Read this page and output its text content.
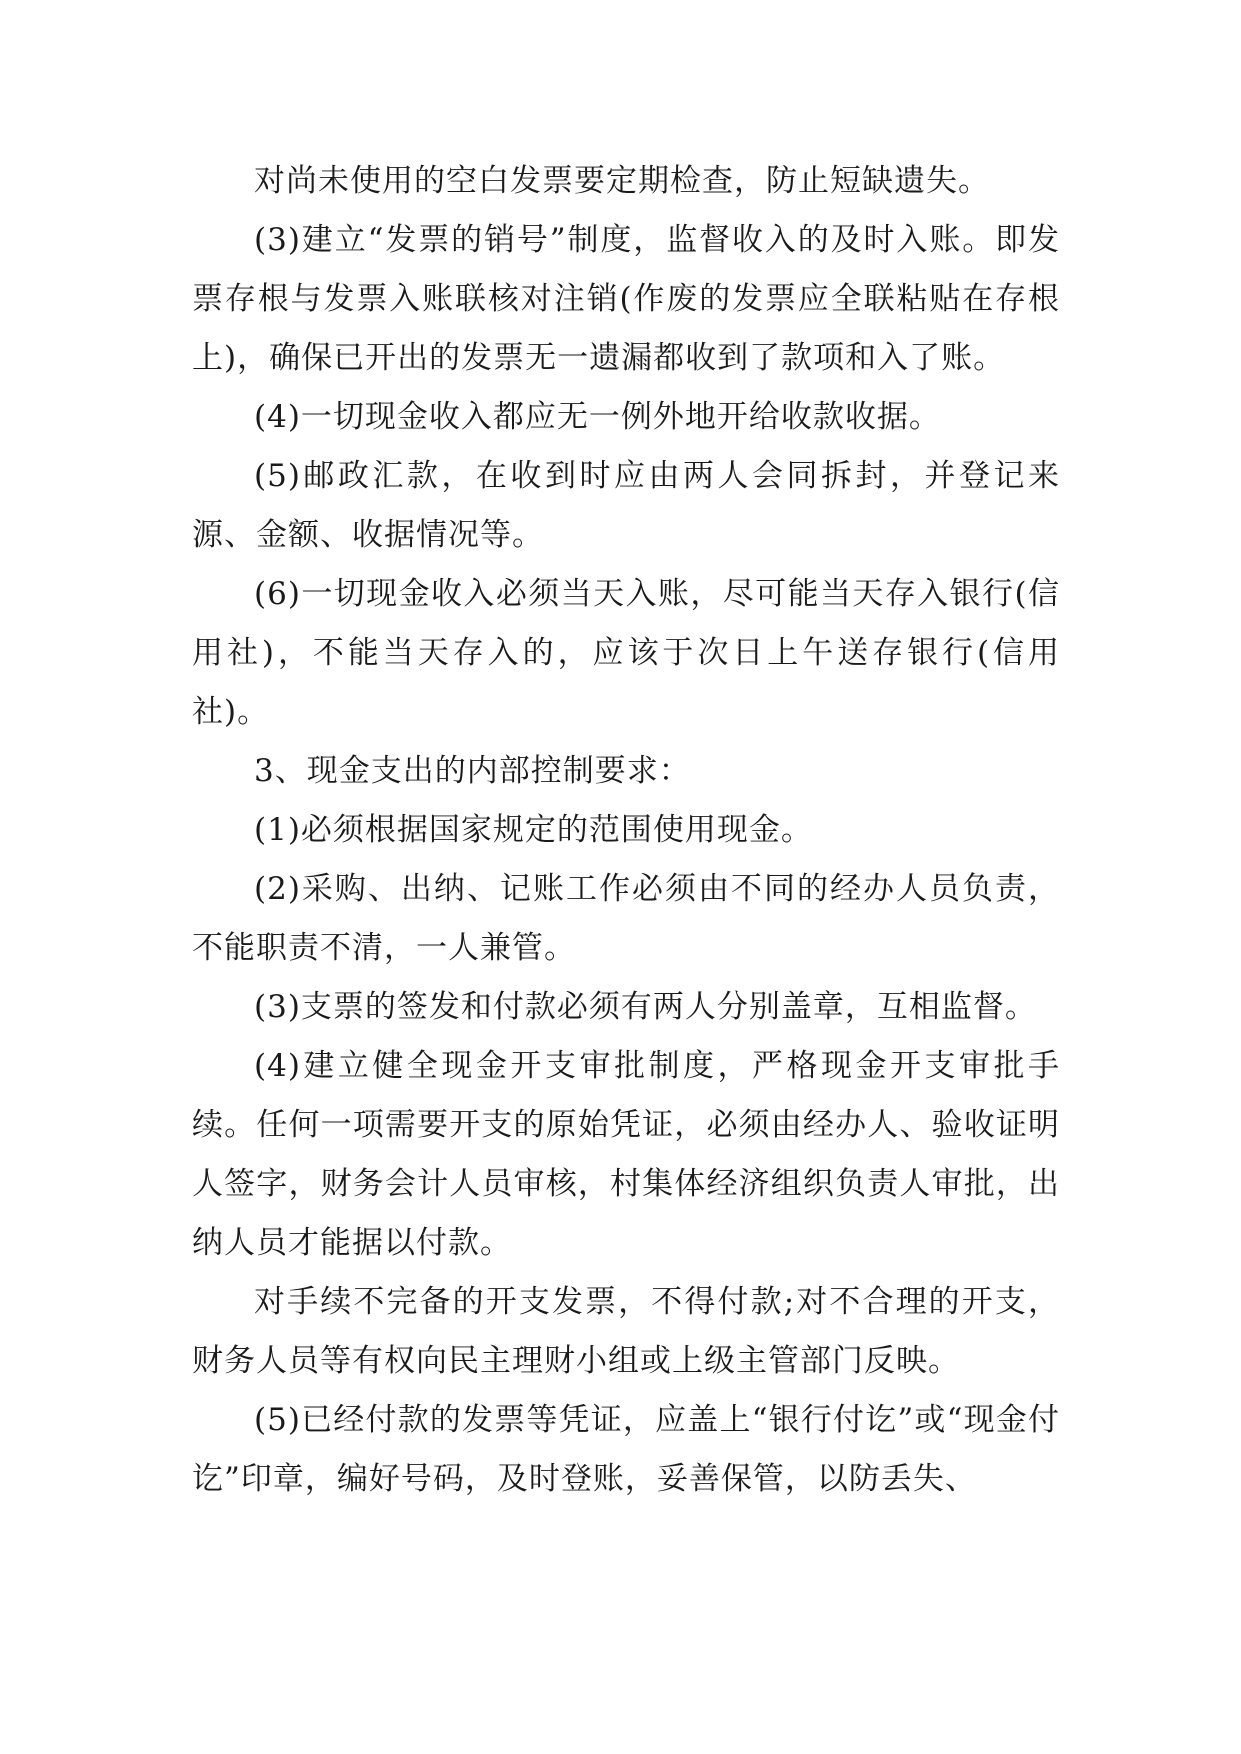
对尚未使用的空白发票要定期检查，防止短缺遗失。

(3)建立“发票的销号”制度，监督收入的及时入账。即发票存根与发票入账联核对注销(作废的发票应全联粘贴在存根上)，确保已开出的发票无一遗漏都收到了款项和入了账。

(4)一切现金收入都应无一例外地开给收款收据。

(5)邮政汇款，在收到时应由两人会同拆封，并登记来源、金额、收据情况等。

(6)一切现金收入必须当天入账，尽可能当天存入银行(信用社)，不能当天存入的，应该于次日上午送存银行(信用社)。

3、现金支出的内部控制要求：

(1)必须根据国家规定的范围使用现金。

(2)采购、出纳、记账工作必须由不同的经办人员负责，不能职责不清，一人兼管。

(3)支票的签发和付款必须有两人分别盖章，互相监督。

(4)建立健全现金开支审批制度，严格现金开支审批手续。任何一项需要开支的原始凭证，必须由经办人、验收证明人签字，财务会计人员审核，村集体经济组织负责人审批，出纳人员才能据以付款。

对手续不完备的开支发票，不得付款;对不合理的开支，财务人员等有权向民主理财小组或上级主管部门反映。

(5)已经付款的发票等凭证，应盖上“银行付讫”或“现金付讫”印章，编好号码，及时登账，妥善保管，以防丢失、
